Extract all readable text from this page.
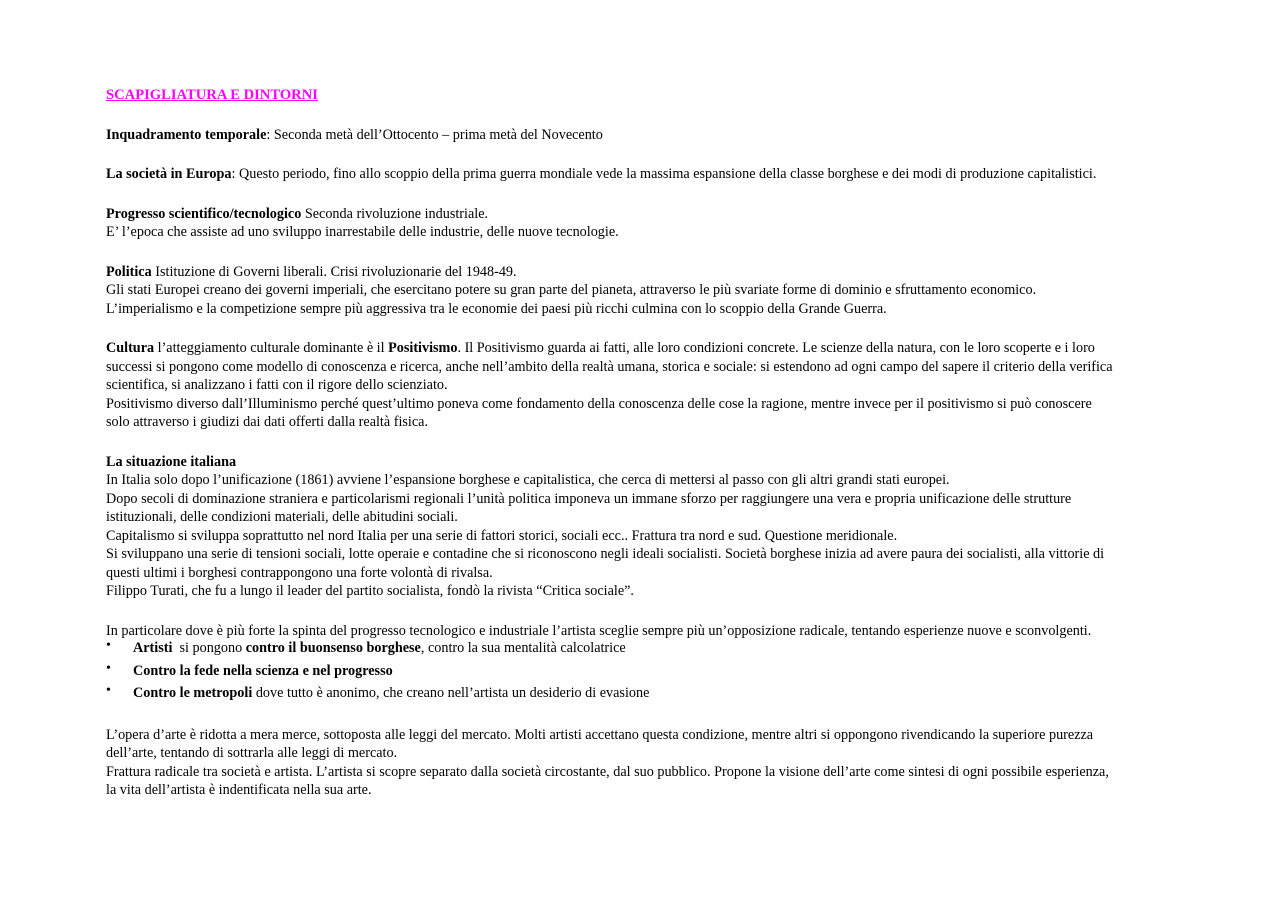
SCAPIGLIATURA E DINTORNI
Inquadramento temporale: Seconda metà dell’Ottocento – prima metà del Novecento
La società in Europa: Questo periodo, fino allo scoppio della prima guerra mondiale vede la massima espansione della classe borghese e dei modi di produzione capitalistici.
Progresso scientifico/tecnologico Seconda rivoluzione industriale.
E’ l’epoca che assiste ad uno sviluppo inarrestabile delle industrie, delle nuove tecnologie.
Politica Istituzione di Governi liberali. Crisi rivoluzionarie del 1948-49.
Gli stati Europei creano dei governi imperiali, che esercitano potere su gran parte del pianeta, attraverso le più svariate forme di dominio e sfruttamento economico.
L’imperialismo e la competizione sempre più aggressiva tra le economie dei paesi più ricchi culmina con lo scoppio della Grande Guerra.
Cultura l’atteggiamento culturale dominante è il Positivismo. Il Positivismo guarda ai fatti, alle loro condizioni concrete. Le scienze della natura, con le loro scoperte e i loro
successi si pongono come modello di conoscenza e ricerca, anche nell’ambito della realtà umana, storica e sociale: si estendono ad ogni campo del sapere il criterio della verifica
scientifica, si analizzano i fatti con il rigore dello scienziato.
Positivismo diverso dall’Illuminismo perché quest’ultimo poneva come fondamento della conoscenza delle cose la ragione, mentre invece per il positivismo si può conoscere
solo attraverso i giudizi dai dati offerti dalla realtà fisica.
La situazione italiana
In Italia solo dopo l’unificazione (1861) avviene l’espansione borghese e capitalistica, che cerca di mettersi al passo con gli altri grandi stati europei.
Dopo secoli di dominazione straniera e particolarismi regionali l’unità politica imponeva un immane sforzo per raggiungere una vera e propria unificazione delle strutture
istituzionali, delle condizioni materiali, delle abitudini sociali.
Capitalismo si sviluppa soprattutto nel nord Italia per una serie di fattori storici, sociali ecc.. Frattura tra nord e sud. Questione meridionale.
Si sviluppano una serie di tensioni sociali, lotte operaie e contadine che si riconoscono negli ideali socialisti. Società borghese inizia ad avere paura dei socialisti, alla vittorie di
questi ultimi i borghesi contrappongono una forte volontà di rivalsa.
Filippo Turati, che fu a lungo il leader del partito socialista, fondò la rivista “Critica sociale”.
In particolare dove è più forte la spinta del progresso tecnologico e industriale l’artista sceglie sempre più un’opposizione radicale, tentando esperienze nuove e sconvolgenti.
• Artisti  si pongono contro il buonsenso borghese, contro la sua mentalità calcolatrice
• Contro la fede nella scienza e nel progresso
• Contro le metropoli dove tutto è anonimo, che creano nell’artista un desiderio di evasione
L’opera d’arte è ridotta a mera merce, sottoposta alle leggi del mercato. Molti artisti accettano questa condizione, mentre altri si oppongono rivendicando la superiore purezza
dell’arte, tentando di sottrarla alle leggi di mercato.
Frattura radicale tra società e artista. L’artista si scopre separato dalla società circostante, dal suo pubblico. Propone la visione dell’arte come sintesi di ogni possibile esperienza,
la vita dell’artista è indentificata nella sua arte.
